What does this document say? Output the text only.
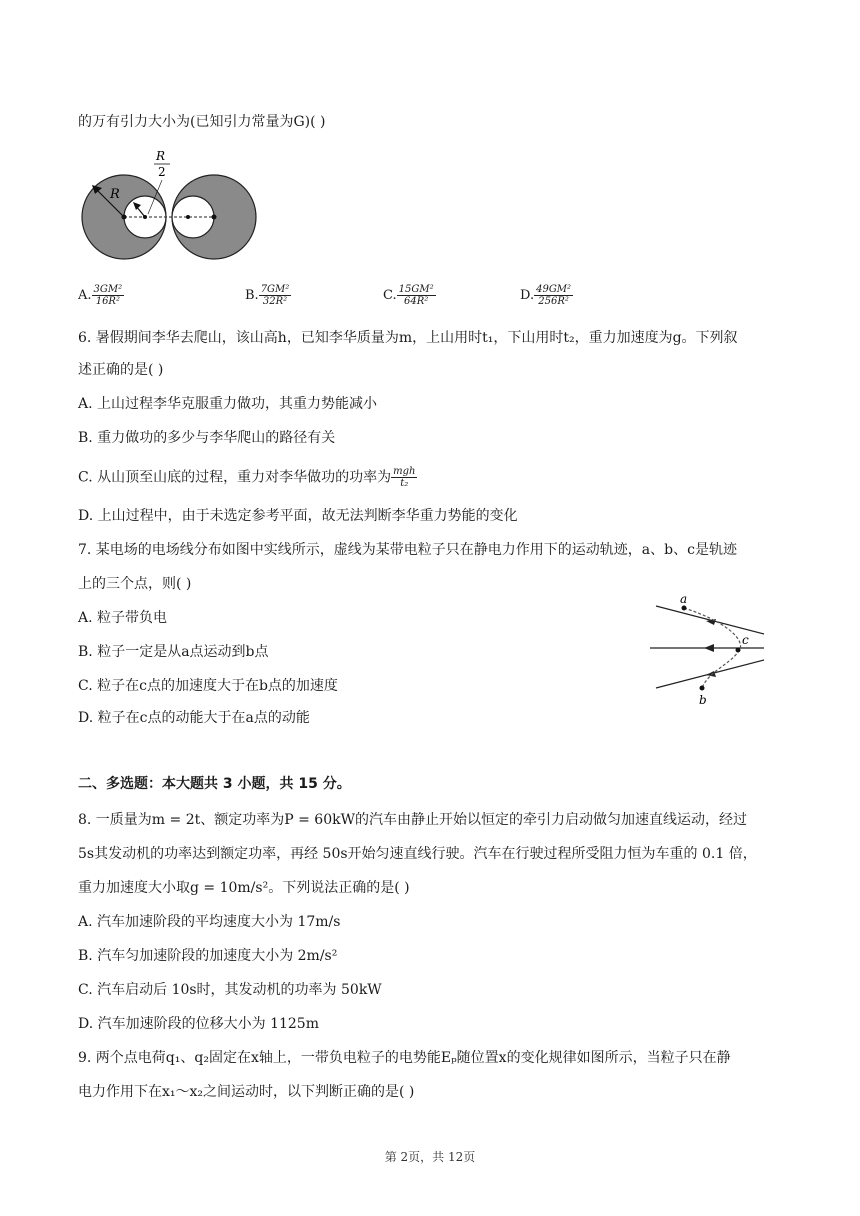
的万有引力大小为(已知引力常量为G)( )
R
R
2
A. $\frac{\text{3GM²}}{\text{16R²}}$	B. $\frac{\text{7GM²}}{\text{32R²}}$	C. $\frac{\text{15GM²}}{\text{64R²}}$	D. $\frac{\text{49GM²}}{\text{256R²}}$
6. 暑假期间李华去爬山，该山高h，已知李华质量为m，上山用时t₁，下山用时t₂，重力加速度为g。下列叙
述正确的是( )
A. 上山过程李华克服重力做功，其重力势能减小
B. 重力做功的多少与李华爬山的路径有关
C. 从山顶至山底的过程，重力对李华做功的功率为 $\frac{\text{mgh}}{\text{t₂}}$
D. 上山过程中，由于未选定参考平面，故无法判断李华重力势能的变化
7. 某电场的电场线分布如图中实线所示，虚线为某带电粒子只在静电力作用下的运动轨迹，a、b、c是轨迹
上的三个点，则( )
A. 粒子带负电
B. 粒子一定是从a点运动到b点
C. 粒子在c点的加速度大于在b点的加速度
D. 粒子在c点的动能大于在a点的动能
a
c
b
二、多选题：本大题共 3 小题，共 15 分。
8. 一质量为m = 2t、额定功率为P = 60kW的汽车由静止开始以恒定的牵引力启动做匀加速直线运动，经过
5s其发动机的功率达到额定功率，再经 50s开始匀速直线行驶。汽车在行驶过程所受阻力恒为车重的 0.1 倍，
重力加速度大小取g = 10m/s²。下列说法正确的是( )
A. 汽车加速阶段的平均速度大小为 17m/s
B. 汽车匀加速阶段的加速度大小为 2m/s²
C. 汽车启动后 10s时，其发动机的功率为 50kW
D. 汽车加速阶段的位移大小为 1125m
9. 两个点电荷q₁、q₂固定在x轴上，一带负电粒子的电势能Eₚ随位置x的变化规律如图所示，当粒子只在静
电力作用下在x₁～x₂之间运动时，以下判断正确的是( )
第 2页，共 12页
